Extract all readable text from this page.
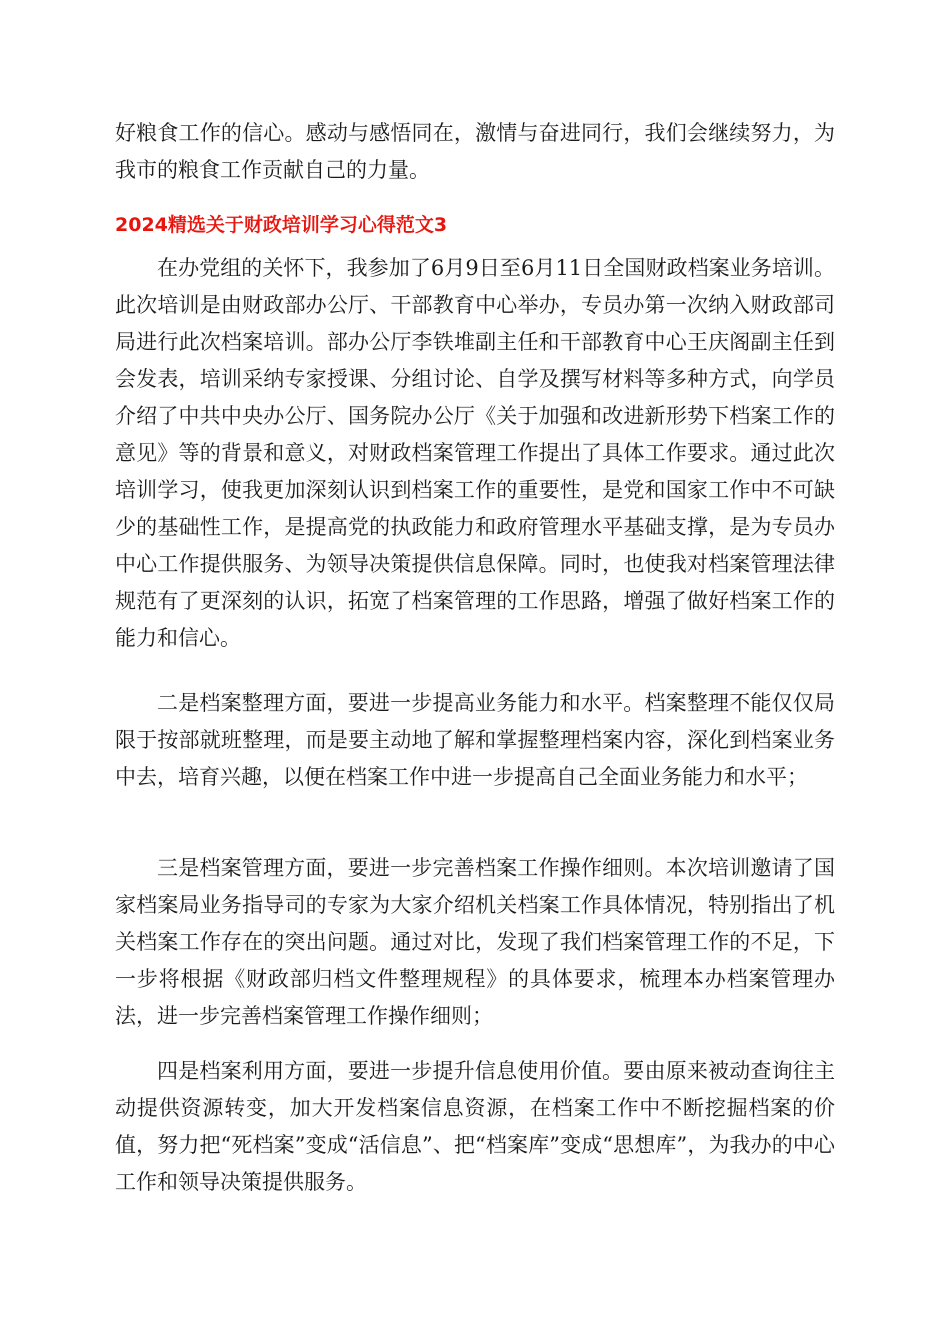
好粮食工作的信心。感动与感悟同在，激情与奋进同行，我们会继续努力，为我市的粮食工作贡献自己的力量。

2024精选关于财政培训学习心得范文3

在办党组的关怀下，我参加了6月9日至6月11日全国财政档案业务培训。此次培训是由财政部办公厅、干部教育中心举办，专员办第一次纳入财政部司局进行此次档案培训。部办公厅李铁堆副主任和干部教育中心王庆阁副主任到会发表，培训采纳专家授课、分组讨论、自学及撰写材料等多种方式，向学员介绍了中共中央办公厅、国务院办公厅《关于加强和改进新形势下档案工作的意见》等的背景和意义，对财政档案管理工作提出了具体工作要求。通过此次培训学习，使我更加深刻认识到档案工作的重要性，是党和国家工作中不可缺少的基础性工作，是提高党的执政能力和政府管理水平基础支撑，是为专员办中心工作提供服务、为领导决策提供信息保障。同时，也使我对档案管理法律规范有了更深刻的认识，拓宽了档案管理的工作思路，增强了做好档案工作的能力和信心。

二是档案整理方面，要进一步提高业务能力和水平。档案整理不能仅仅局限于按部就班整理，而是要主动地了解和掌握整理档案内容，深化到档案业务中去，培育兴趣，以便在档案工作中进一步提高自己全面业务能力和水平；

三是档案管理方面，要进一步完善档案工作操作细则。本次培训邀请了国家档案局业务指导司的专家为大家介绍机关档案工作具体情况，特别指出了机关档案工作存在的突出问题。通过对比，发现了我们档案管理工作的不足，下一步将根据《财政部归档文件整理规程》的具体要求，梳理本办档案管理办法，进一步完善档案管理工作操作细则；

四是档案利用方面，要进一步提升信息使用价值。要由原来被动查询往主动提供资源转变，加大开发档案信息资源，在档案工作中不断挖掘档案的价值，努力把“死档案”变成“活信息”、把“档案库”变成“思想库”，为我办的中心工作和领导决策提供服务。
